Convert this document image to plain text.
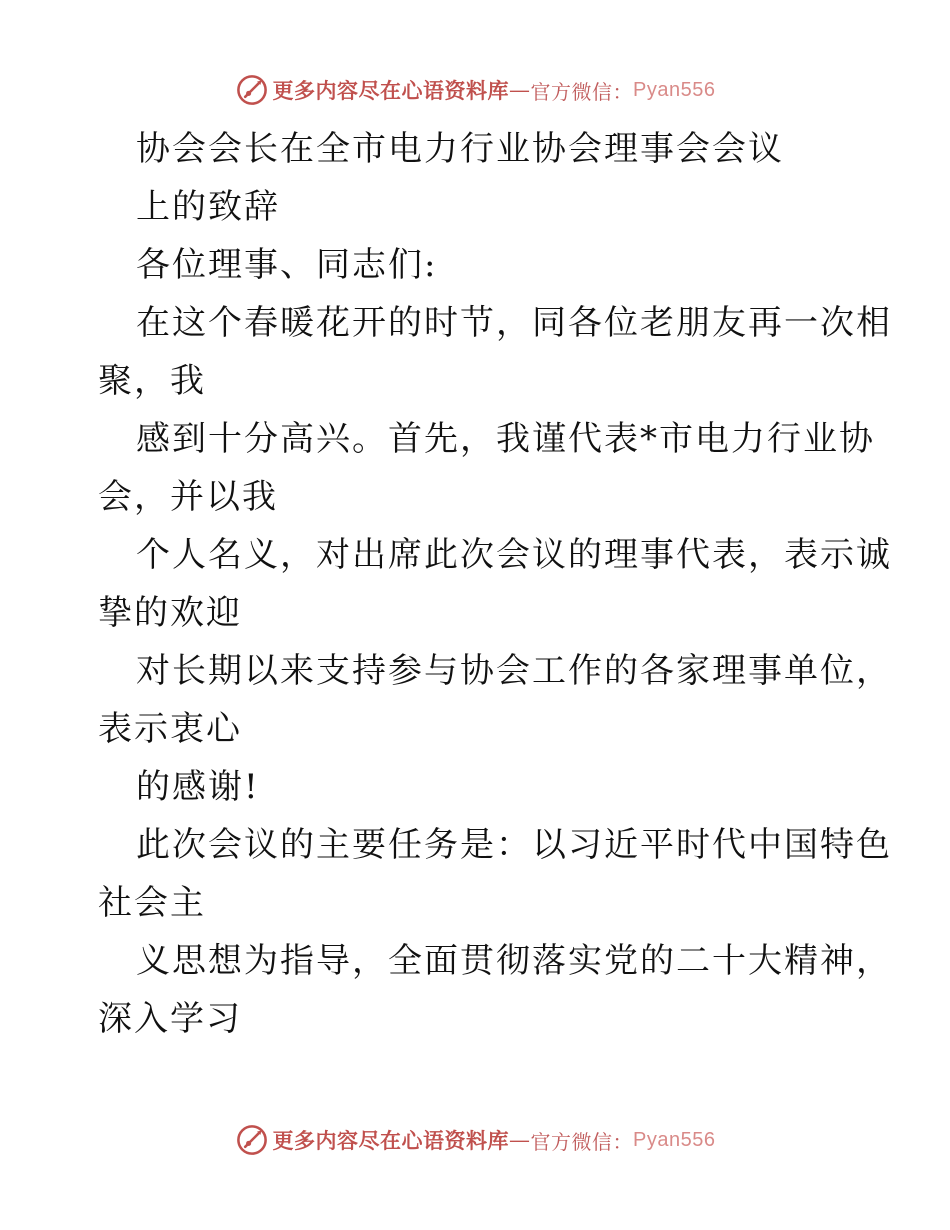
更多内容尽在心语资料库 — 官方微信： Pyan556
协会会长在全市电力行业协会理事会会议
上的致辞
各位理事、同志们:
在这个春暖花开的时节，同各位老朋友再一次相
聚，我
感到十分高兴。首先，我谨代表*市电力行业协
会，并以我
个人名义，对出席此次会议的理事代表，表示诚
挚的欢迎
对长期以来支持参与协会工作的各家理事单位，
表示衷心
的感谢!
此次会议的主要任务是：以习近平时代中国特色
社会主
义思想为指导，全面贯彻落实党的二十大精神，
深入学习
更多内容尽在心语资料库 — 官方微信： Pyan556
